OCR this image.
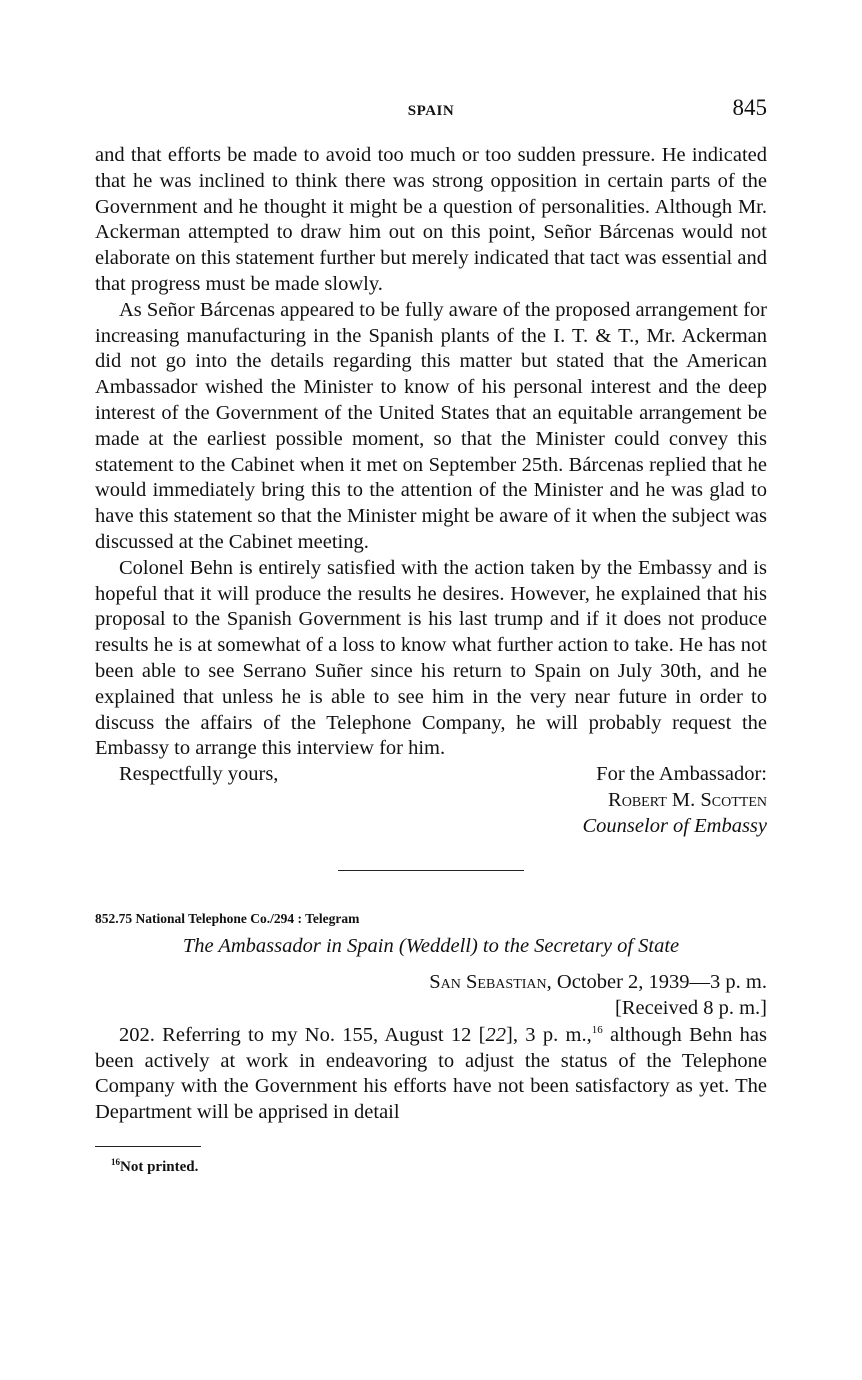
SPAIN	845

and that efforts be made to avoid too much or too sudden pressure. He indicated that he was inclined to think there was strong opposition in certain parts of the Government and he thought it might be a question of personalities. Although Mr. Ackerman attempted to draw him out on this point, Señor Bárcenas would not elaborate on this statement further but merely indicated that tact was essential and that progress must be made slowly.

As Señor Bárcenas appeared to be fully aware of the proposed arrangement for increasing manufacturing in the Spanish plants of the I. T. & T., Mr. Ackerman did not go into the details regarding this matter but stated that the American Ambassador wished the Minister to know of his personal interest and the deep interest of the Government of the United States that an equitable arrangement be made at the earliest possible moment, so that the Minister could convey this statement to the Cabinet when it met on September 25th. Bárcenas replied that he would immediately bring this to the attention of the Minister and he was glad to have this statement so that the Minister might be aware of it when the subject was discussed at the Cabinet meeting.

Colonel Behn is entirely satisfied with the action taken by the Embassy and is hopeful that it will produce the results he desires. However, he explained that his proposal to the Spanish Government is his last trump and if it does not produce results he is at somewhat of a loss to know what further action to take. He has not been able to see Serrano Suñer since his return to Spain on July 30th, and he explained that unless he is able to see him in the very near future in order to discuss the affairs of the Telephone Company, he will probably request the Embassy to arrange this interview for him.

Respectfully yours,	For the Ambassador:
Robert M. Scotten
Counselor of Embassy
852.75 National Telephone Co./294 : Telegram
The Ambassador in Spain (Weddell) to the Secretary of State
San Sebastian, October 2, 1939—3 p. m.
[Received 8 p. m.]

202. Referring to my No. 155, August 12 [22], 3 p. m.,$^{16}$ although Behn has been actively at work in endeavoring to adjust the status of the Telephone Company with the Government his efforts have not been satisfactory as yet. The Department will be apprised in detail

$^{16}$Not printed.
